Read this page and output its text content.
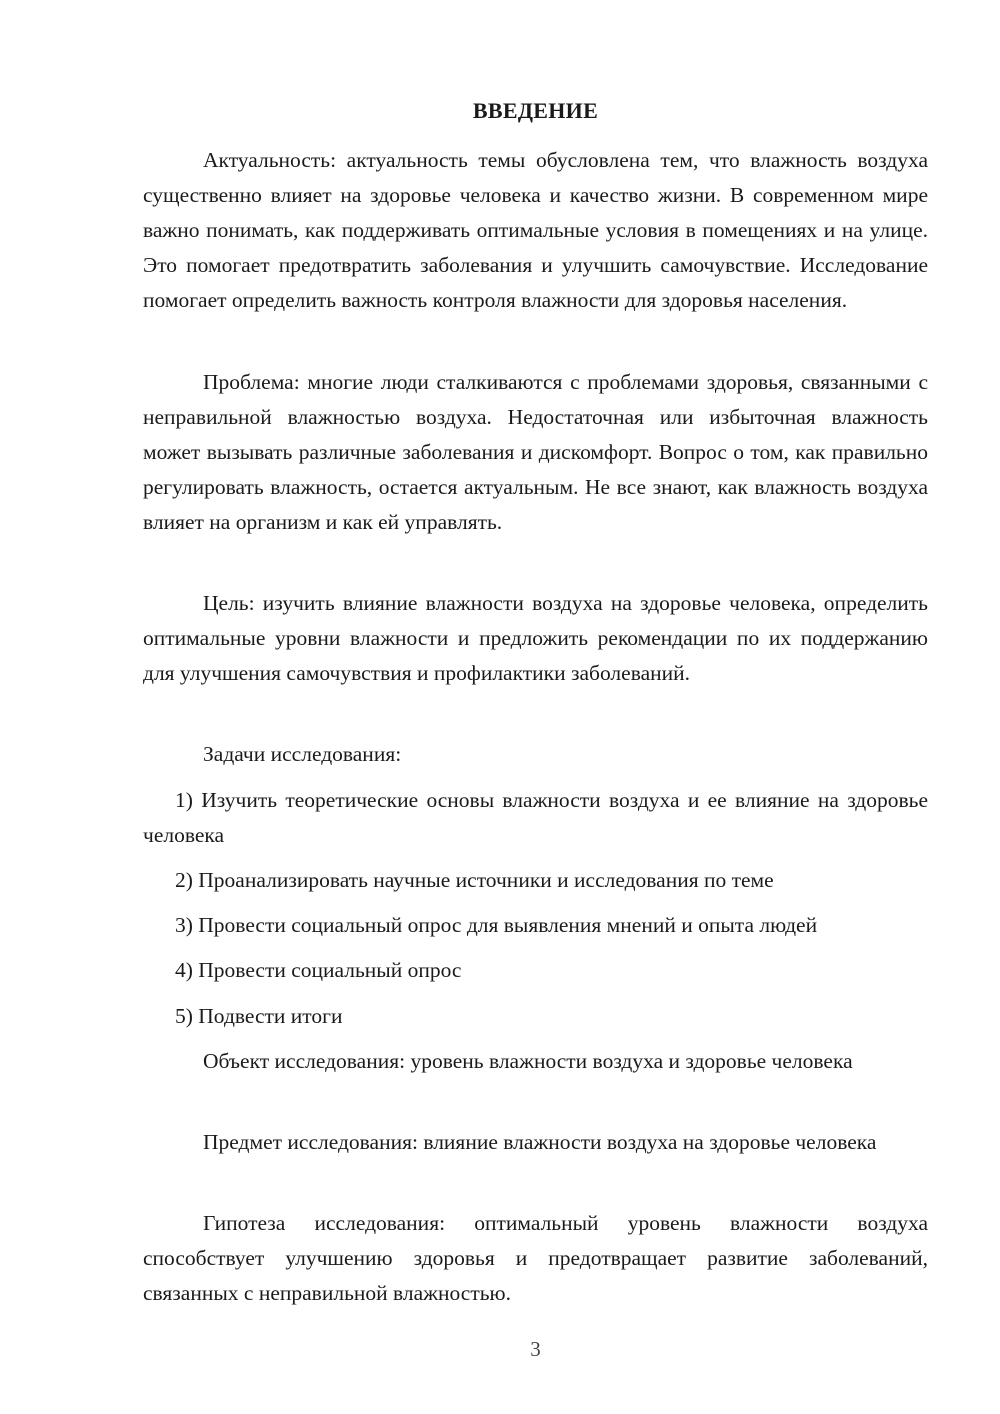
ВВЕДЕНИЕ

Актуальность: актуальность темы обусловлена тем, что влажность воздуха существенно влияет на здоровье человека и качество жизни. В современном мире важно понимать, как поддерживать оптимальные условия в помещениях и на улице. Это помогает предотвратить заболевания и улучшить самочувствие. Исследование помогает определить важность контроля влажности для здоровья населения.

Проблема: многие люди сталкиваются с проблемами здоровья, связанными с неправильной влажностью воздуха. Недостаточная или избыточная влажность может вызывать различные заболевания и дискомфорт. Вопрос о том, как правильно регулировать влажность, остается актуальным. Не все знают, как влажность воздуха влияет на организм и как ей управлять.

Цель: изучить влияние влажности воздуха на здоровье человека, определить оптимальные уровни влажности и предложить рекомендации по их поддержанию для улучшения самочувствия и профилактики заболеваний.

Задачи исследования:

1) Изучить теоретические основы влажности воздуха и ее влияние на здоровье человека

2) Проанализировать научные источники и исследования по теме

3) Провести социальный опрос для выявления мнений и опыта людей

4) Провести социальный опрос

5) Подвести итоги

Объект исследования: уровень влажности воздуха и здоровье человека

Предмет исследования: влияние влажности воздуха на здоровье человека

Гипотеза исследования: оптимальный уровень влажности воздуха способствует улучшению здоровья и предотвращает развитие заболеваний, связанных с неправильной влажностью.

3
